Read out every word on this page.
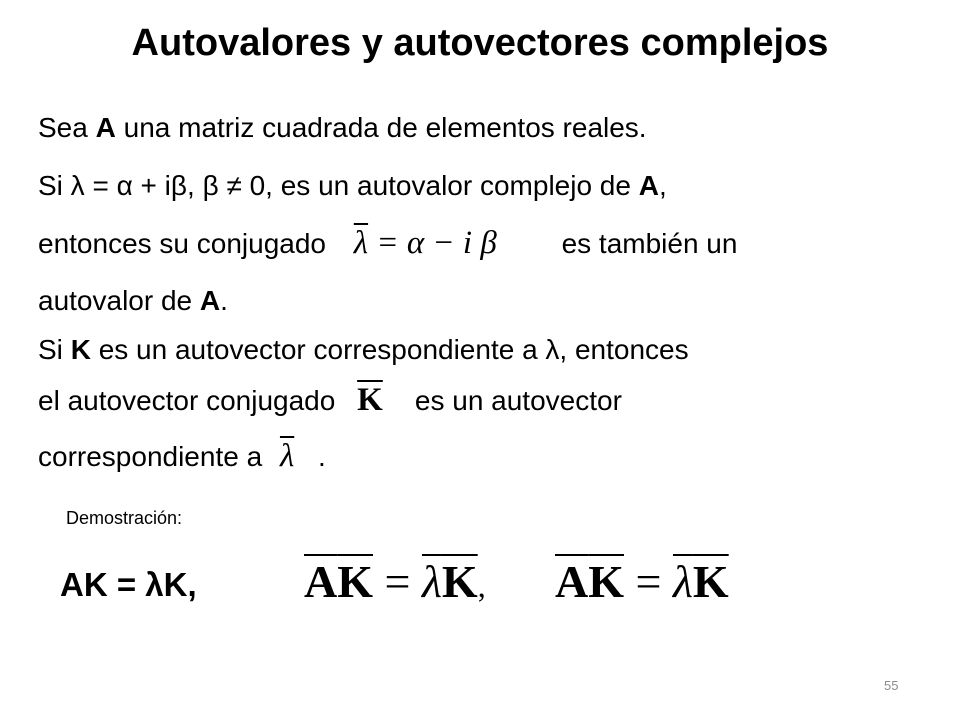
Autovalores y autovectores complejos
Sea A una matriz cuadrada de elementos reales.
Si λ = α + iβ, β ≠ 0, es un autovalor complejo de A,
entonces su conjugado $\overline{\lambda} = \alpha - i$ β es también un
autovalor de A.
Si K es un autovector correspondiente a λ, entonces
el autovector conjugado $\overline{K}$ es un autovector
correspondiente a $\overline{\lambda}$ .
Demostración:
AK = λK, $\overline{A}\overline{K} = \overline{\lambda}\overline{K}$, AK = $\overline{\lambda}\overline{K}$
55
